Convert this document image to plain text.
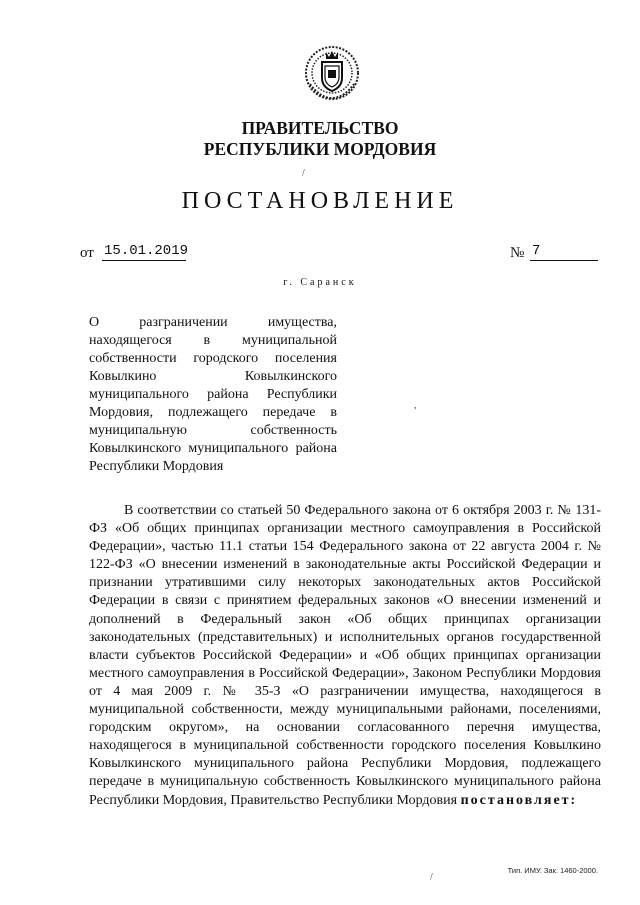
ПРАВИТЕЛЬСТВО
РЕСПУБЛИКИ МОРДОВИЯ
ПОСТАНОВЛЕНИЕ
от 15.01.2019	№ 7
г. Саранск
О разграничении имущества, находящегося в муниципальной собственности городского поселения Ковылкино Ковылкинского муниципального района Республики Мордовия, подлежащего передаче в муниципальную собственность Ковылкинского муниципального района Республики Мордовия
В соответствии со статьей 50 Федерального закона от 6 октября 2003 г. № 131-ФЗ «Об общих принципах организации местного самоуправления в Российской Федерации», частью 11.1 статьи 154 Федерального закона от 22 августа 2004 г. № 122-ФЗ «О внесении изменений в законодательные акты Российской Федерации и признании утратившими силу некоторых законодательных актов Российской Федерации в связи с принятием федеральных законов «О внесении изменений и дополнений в Федеральный закон «Об общих принципах организации законодательных (представительных) и исполнительных органов государственной власти субъектов Российской Федерации» и «Об общих принципах организации местного самоуправления в Российской Федерации», Законом Республики Мордовия от 4 мая 2009 г. № 35-З «О разграничении имущества, находящегося в муниципальной собственности, между муниципальными районами, поселениями, городским округом», на основании согласованного перечня имущества, находящегося в муниципальной собственности городского поселения Ковылкино Ковылкинского муниципального района Республики Мордовия, подлежащего передаче в муниципальную собственность Ковылкинского муниципального района Республики Мордовия, Правительство Республики Мордовия постановляет:
/
,
/
Тип. ИМУ. Зак. 1460-2000.
